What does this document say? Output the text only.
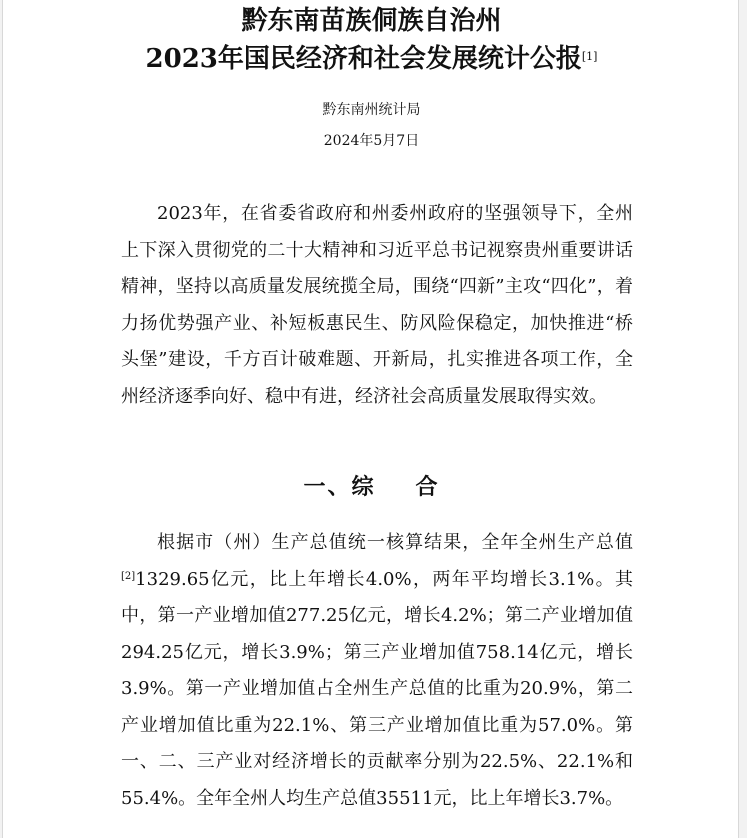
黔东南苗族侗族自治州
2023年国民经济和社会发展统计公报[1]
黔东南州统计局
2024年5月7日

2023年，在省委省政府和州委州政府的坚强领导下，全州上下深入贯彻党的二十大精神和习近平总书记视察贵州重要讲话精神，坚持以高质量发展统揽全局，围绕“四新”主攻“四化”，着力扬优势强产业、补短板惠民生、防风险保稳定，加快推进“桥头堡”建设，千方百计破难题、开新局，扎实推进各项工作，全州经济逐季向好、稳中有进，经济社会高质量发展取得实效。

一、综 合

根据市（州）生产总值统一核算结果，全年全州生产总值[2]1329.65亿元，比上年增长4.0%，两年平均增长3.1%。其中，第一产业增加值277.25亿元，增长4.2%；第二产业增加值294.25亿元，增长3.9%；第三产业增加值758.14亿元，增长3.9%。第一产业增加值占全州生产总值的比重为20.9%，第二产业增加值比重为22.1%、第三产业增加值比重为57.0%。第一、二、三产业对经济增长的贡献率分别为22.5%、22.1%和55.4%。全年全州人均生产总值35511元，比上年增长3.7%。
